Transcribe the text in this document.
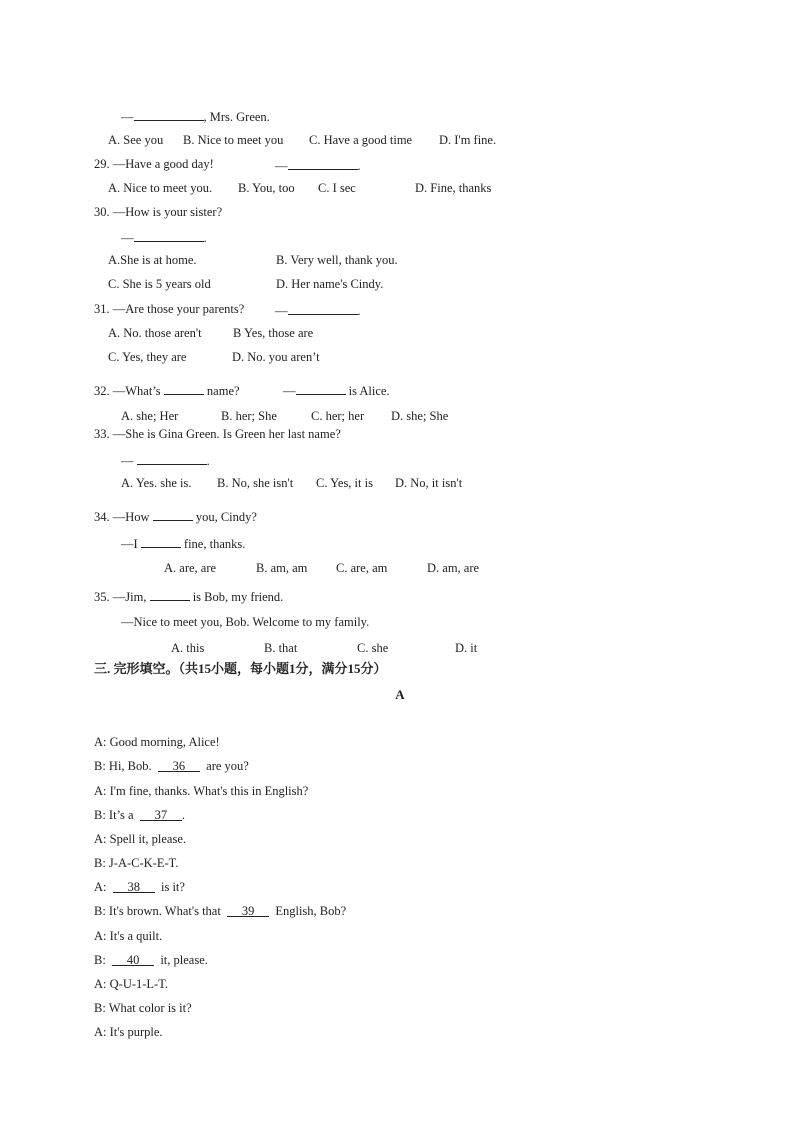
—	, Mrs. Green.
A. See you B. Nice to meet you C. Have a good time D. I'm fine.
29. —Have a good day!	—	.
A. Nice to meet you. B. You, too C. I sec	D. Fine, thanks
30. —How is your sister?
—	.
A.She is at home.	B. Very well, thank you.
C. She is 5 years old	D. Her name's Cindy.
31. —Are those your parents? —	.
A. No. those aren't	B Yes, those are
C. Yes, they are	D. No. you aren’t
32. —What’s	name?	—	is Alice.
A. she; Her	B. her; She	C. her; her D. she; She
33. —She is Gina Green. Is Green her last name?
—	.
A. Yes. she is. B. No, she isn't C. Yes, it is D. No, it isn't
34. —How	you, Cindy?
—I	fine, thanks.
A. are, are	B. am, am C. are, am	D. am, are
35. —Jim,	is Bob, my friend.
—Nice to meet you, Bob. Welcome to my family.
A. this	B. that	C. she	D. it
三. 完形填空。（共15小题，每小题1分，满分15分）
A
A: Good morning, Alice!
B: Hi, Bob. 36 are you?
A: I'm fine, thanks. What's this in English?
B: It’s a 37 .
A: Spell it, please.
B: J-A-C-K-E-T.
A: 38 is it?
B: It's brown. What's that 39 English, Bob?
A: It's a quilt.
B: 40 it, please.
A: Q-U-1-L-T.
B: What color is it?
A: It's purple.
